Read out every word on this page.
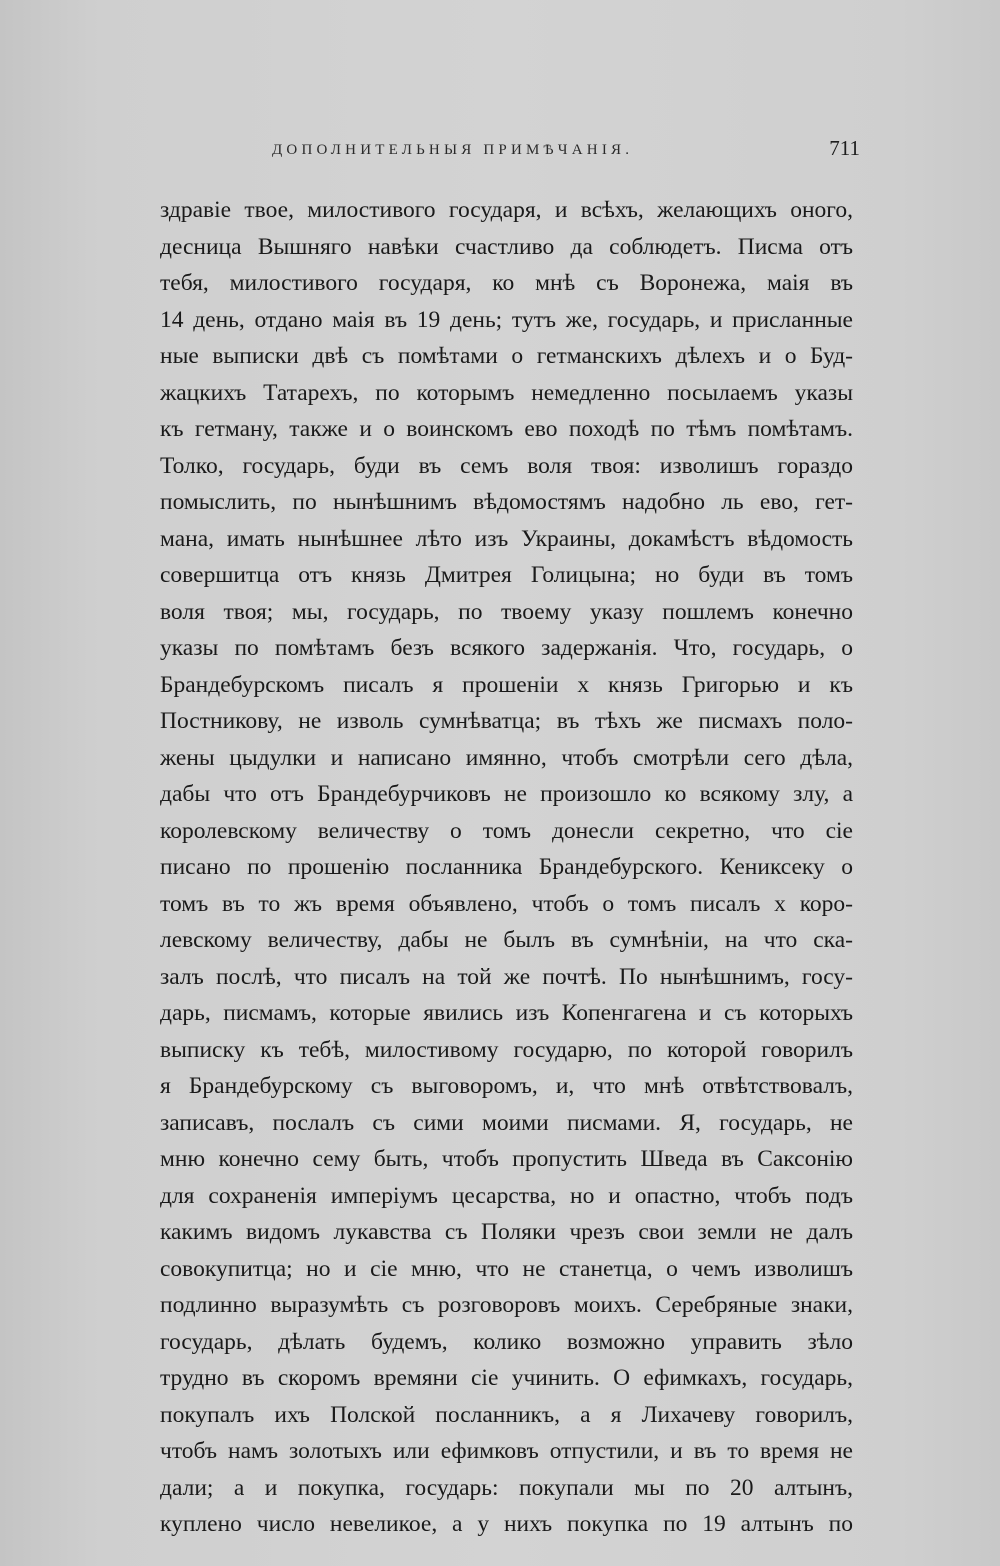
ДОПОЛНИТЕЛЬНЫЯ ПРИМѢЧАНІЯ.	711
здравіе твое, милостивого государя, и всѣхъ, желающихъ оного,
десница Вышняго навѣки счастливо да соблюдетъ. Писма отъ
тебя, милостивого государя, ко мнѣ съ Воронежа, маія въ
14 день, отдано маія въ 19 день; тутъ же, государь, и присланные
ные выписки двѣ съ помѣтами о гетманскихъ дѣлехъ и о Буд-
жацкихъ Татарехъ, по которымъ немедленно посылаемъ указы
къ гетману, также и о воинскомъ ево походѣ по тѣмъ помѣтамъ.
Толко, государь, буди въ семъ воля твоя: изволишъ гораздо
помыслить, по нынѣшнимъ вѣдомостямъ надобно ль ево, гет-
мана, имать нынѣшнее лѣто изъ Украины, докамѣстъ вѣдомость
совершитца отъ князь Дмитрея Голицына; но буди въ томъ
воля твоя; мы, государь, по твоему указу пошлемъ конечно
указы по помѣтамъ безъ всякого задержанія. Что, государь, о
Брандебурскомъ писалъ я прошеніи х князь Григорью и къ
Постникову, не изволь сумнѣватца; въ тѣхъ же писмахъ поло-
жены цыдулки и написано имянно, чтобъ смотрѣли сего дѣла,
дабы что отъ Брандебурчиковъ не произошло ко всякому злу, а
королевскому величеству о томъ донесли секретно, что сіе
писано по прошенію посланника Брандебурского. Кениксеку о
томъ въ то жъ время объявлено, чтобъ о томъ писалъ х коро-
левскому величеству, дабы не былъ въ сумнѣніи, на что ска-
залъ послѣ, что писалъ на той же почтѣ. По нынѣшнимъ, госу-
дарь, писмамъ, которые явились изъ Копенгагена и съ которыхъ
выписку къ тебѣ, милостивому государю, по которой говорилъ
я Брандебурскому съ выговоромъ, и, что мнѣ отвѣтствовалъ,
записавъ, послалъ съ сими моими писмами. Я, государь, не
мню конечно сему быть, чтобъ пропустить Шведа въ Саксонію
для сохраненія имперіумъ цесарства, но и опастно, чтобъ подъ
какимъ видомъ лукавства съ Поляки чрезъ свои земли не далъ
совокупитца; но и сіе мню, что не станетца, о чемъ изволишъ
подлинно выразумѣть съ розговоровъ моихъ. Серебряные знаки,
государь, дѣлать будемъ, колико возможно управить зѣло
трудно въ скоромъ времяни сіе учинить. О ефимкахъ, государь,
покупалъ ихъ Полской посланникъ, а я Лихачеву говорилъ,
чтобъ намъ золотыхъ или ефимковъ отпустили, и въ то время не
дали; а и покупка, государь: покупали мы по 20 алтынъ,
куплено число невеликое, а у нихъ покупка по 19 алтынъ по
